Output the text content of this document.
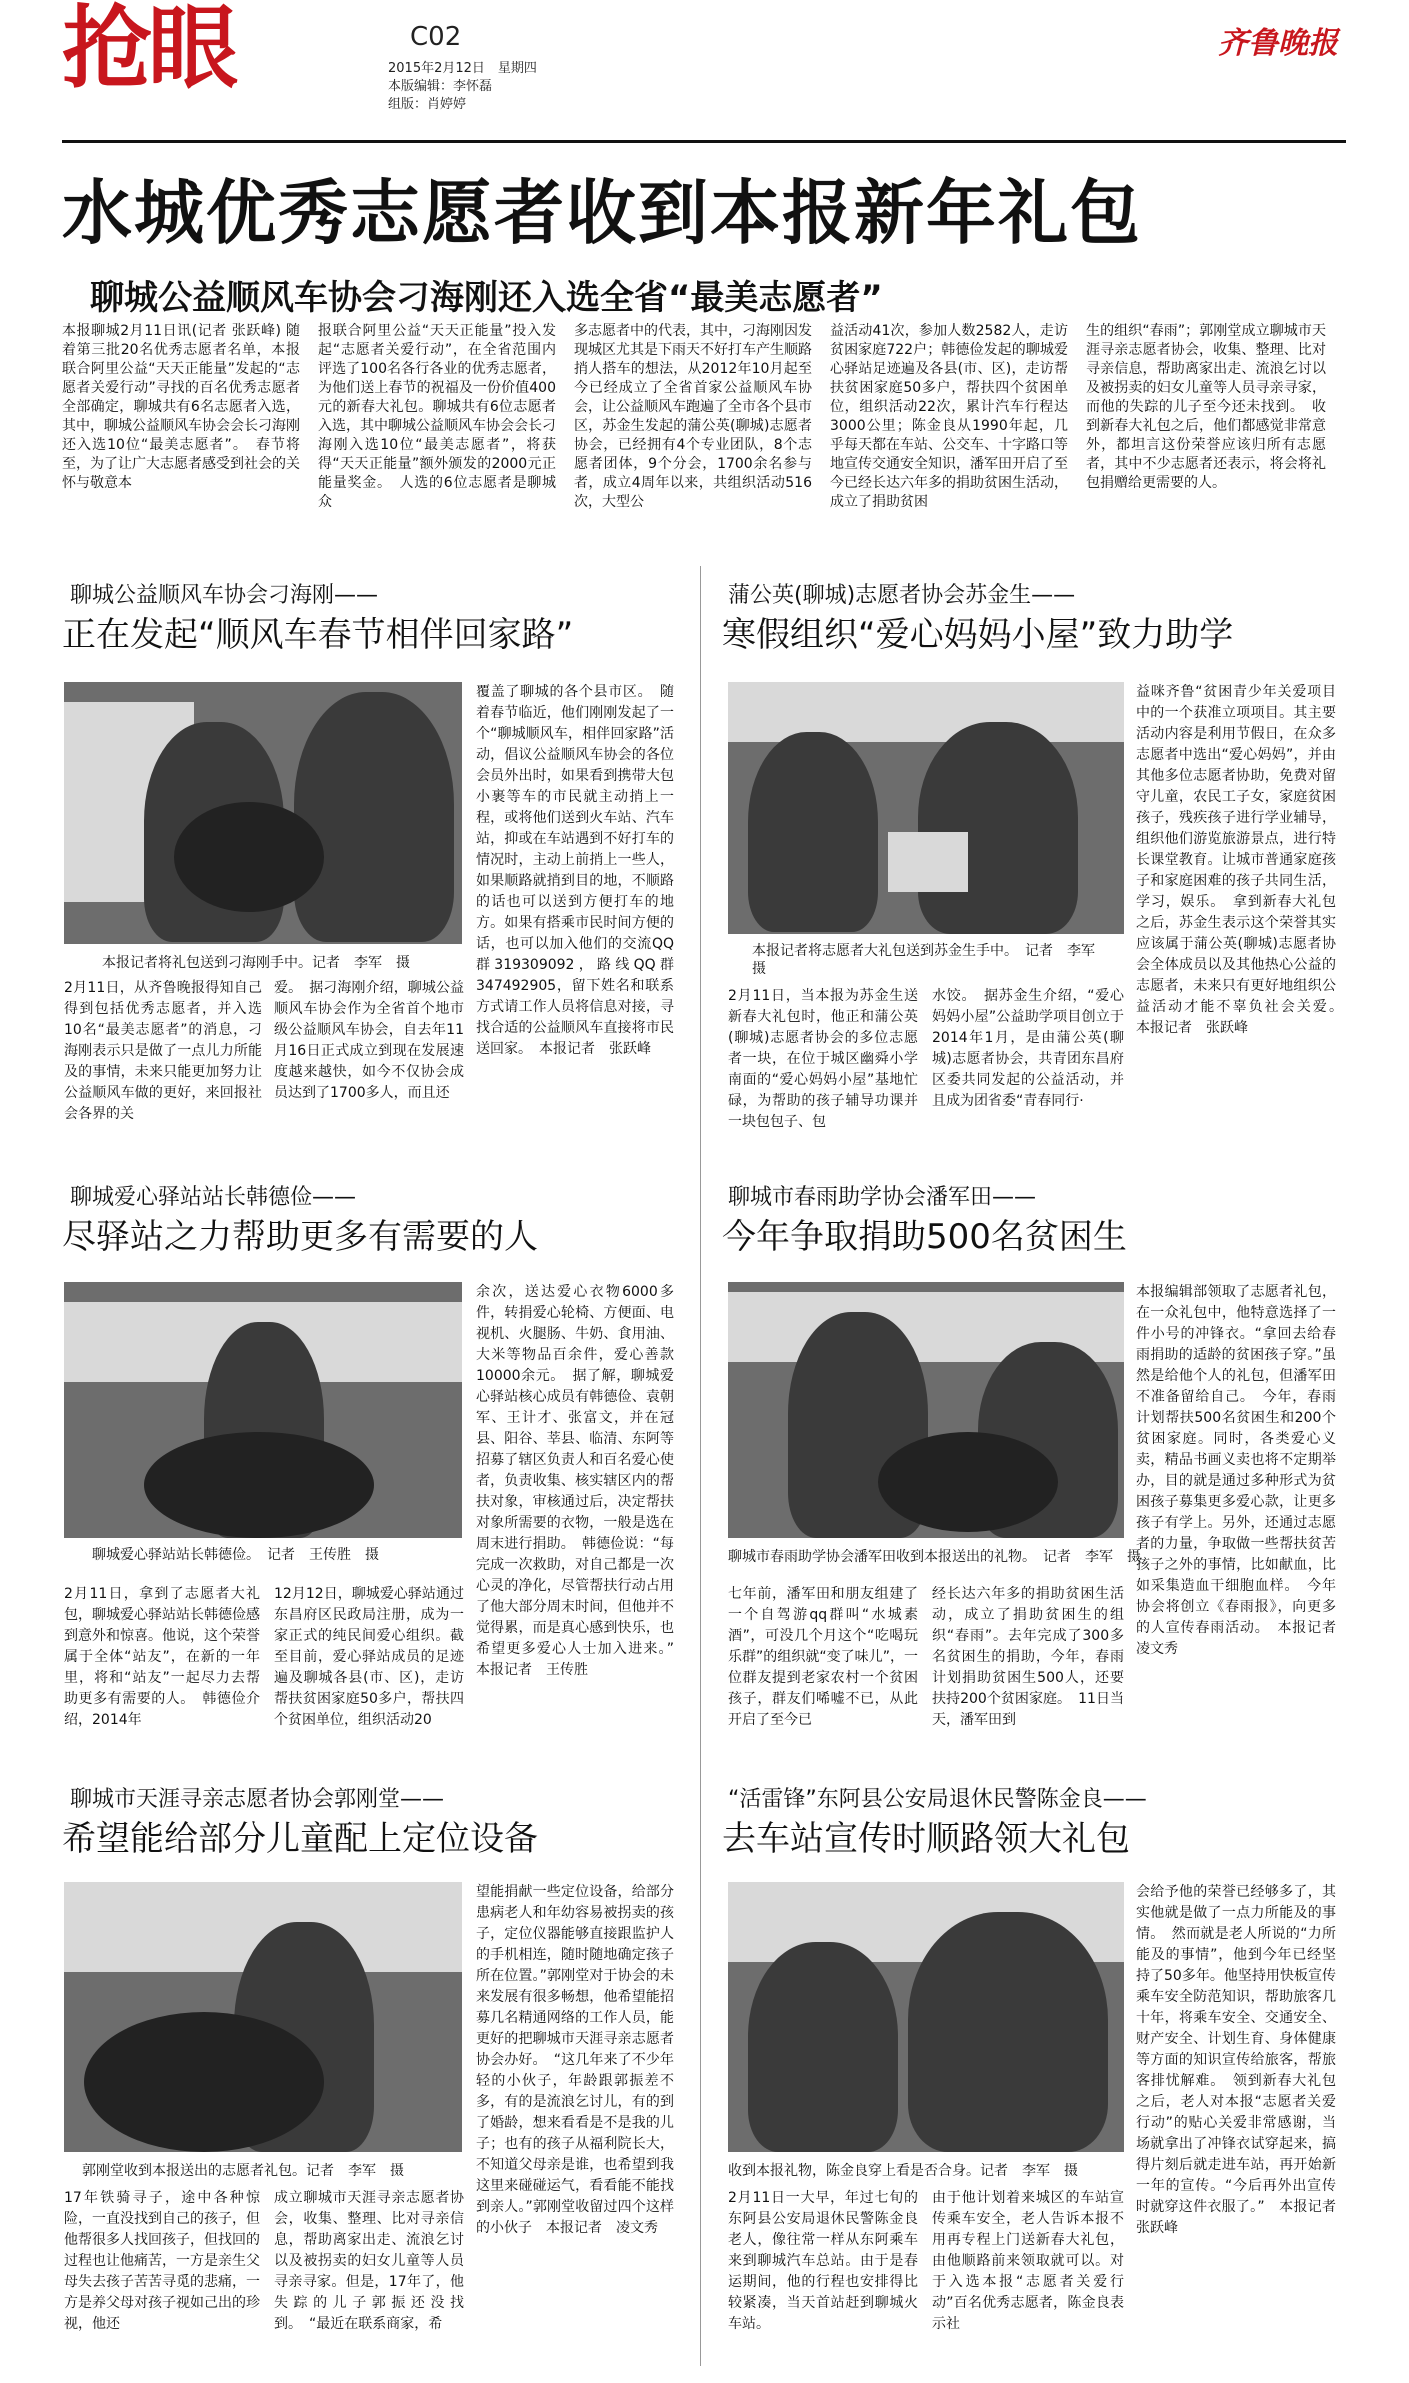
抢眼	C02
2015年2月12日　星期四
本版编辑：李怀磊
组版：肖婷婷
齐鲁晚报
水城优秀志愿者收到本报新年礼包
聊城公益顺风车协会刁海刚还入选全省“最美志愿者”
本报聊城2月11日讯(记者 张跃峰) 随着第三批20名优秀志愿者名单，本报联合阿里公益“天天正能量”发起的“志愿者关爱行动”寻找的百名优秀志愿者全部确定，聊城共有6名志愿者入选，其中，聊城公益顺风车协会会长刁海刚还入选10位“最美志愿者”。　春节将至，为了让广大志愿者感受到社会的关怀与敬意本
报联合阿里公益“天天正能量”投入发起“志愿者关爱行动”，在全省范围内评选了100名各行各业的优秀志愿者，为他们送上春节的祝福及一份价值400元的新春大礼包。聊城共有6位志愿者入选，其中聊城公益顺风车协会会长刁海刚入选10位“最美志愿者”，将获得“天天正能量”额外颁发的2000元正能量奖金。　人选的6位志愿者是聊城众
多志愿者中的代表，其中，刁海刚因发现城区尤其是下雨天不好打车产生顺路捎人搭车的想法，从2012年10月起至今已经成立了全省首家公益顺风车协会，让公益顺风车跑遍了全市各个县市区，苏金生发起的蒲公英(聊城)志愿者协会，已经拥有4个专业团队，8个志愿者团体，9个分会，1700余名参与者，成立4周年以来，共组织活动516次，大型公
益活动41次，参加人数2582人，走访贫困家庭722户；韩德俭发起的聊城爱心驿站足迹遍及各县(市、区)，走访帮扶贫困家庭50多户，帮扶四个贫困单位，组织活动22次，累计汽车行程达3000公里；陈金良从1990年起，几乎每天都在车站、公交车、十字路口等地宣传交通安全知识，潘军田开启了至今已经长达六年多的捐助贫困生活动，成立了捐助贫困
生的组织“春雨”；郭刚堂成立聊城市天涯寻亲志愿者协会，收集、整理、比对寻亲信息，帮助离家出走、流浪乞讨以及被拐卖的妇女儿童等人员寻亲寻家，而他的失踪的儿子至今还未找到。　收到新春大礼包之后，他们都感觉非常意外，都坦言这份荣誉应该归所有志愿者，其中不少志愿者还表示，将会将礼包捐赠给更需要的人。
聊城公益顺风车协会刁海刚——
正在发起“顺风车春节相伴回家路”
本报记者将礼包送到刁海刚手中。记者　李军　摄
覆盖了聊城的各个县市区。　随着春节临近，他们刚刚发起了一个“聊城顺风车，相伴回家路”活动，倡议公益顺风车协会的各位会员外出时，如果看到携带大包小裹等车的市民就主动捎上一程，或将他们送到火车站、汽车站，抑或在车站遇到不好打车的情况时，主动上前捎上一些人，如果顺路就捎到目的地，不顺路的话也可以送到方便打车的地方。如果有搭乘市民时间方便的话，也可以加入他们的交流QQ群319309092，路线QQ群347492905，留下姓名和联系方式请工作人员将信息对接，寻找合适的公益顺风车直接将市民送回家。　本报记者　张跃峰
2月11日，从齐鲁晚报得知自己得到包括优秀志愿者，并入选10名“最美志愿者”的消息，刁海刚表示只是做了一点儿力所能及的事情，未来只能更加努力让公益顺风车做的更好，来回报社会各界的关
爱。　据刁海刚介绍，聊城公益顺风车协会作为全省首个地市级公益顺风车协会，自去年11月16日正式成立到现在发展速度越来越快，如今不仅协会成员达到了1700多人，而且还
蒲公英(聊城)志愿者协会苏金生——
寒假组织“爱心妈妈小屋”致力助学
本报记者将志愿者大礼包送到苏金生手中。　记者　李军　摄
益咪齐鲁“贫困青少年关爱项目中的一个获准立项项目。其主要活动内容是利用节假日，在众多志愿者中选出“爱心妈妈”，并由其他多位志愿者协助，免费对留守儿童，农民工子女，家庭贫困孩子，残疾孩子进行学业辅导，组织他们游览旅游景点，进行特长课堂教育。让城市普通家庭孩子和家庭困难的孩子共同生活，学习，娱乐。　拿到新春大礼包之后，苏金生表示这个荣誉其实应该属于蒲公英(聊城)志愿者协会全体成员以及其他热心公益的志愿者，未来只有更好地组织公益活动才能不辜负社会关爱。　本报记者　张跃峰
2月11日，当本报为苏金生送新春大礼包时，他正和蒲公英(聊城)志愿者协会的多位志愿者一块，在位于城区幽舜小学南面的“爱心妈妈小屋”基地忙碌，为帮助的孩子辅导功课并一块包包子、包
水饺。　据苏金生介绍，“爱心妈妈小屋”公益助学项目创立于2014年1月，是由蒲公英(聊城)志愿者协会，共青团东昌府区委共同发起的公益活动，并且成为团省委“青春同行·
聊城爱心驿站站长韩德俭——
尽驿站之力帮助更多有需要的人
聊城爱心驿站站长韩德俭。　记者　王传胜　摄
余次，送达爱心衣物6000多件，转捐爱心轮椅、方便面、电视机、火腿肠、牛奶、食用油、大米等物品百余件，爱心善款10000余元。　据了解，聊城爱心驿站核心成员有韩德俭、袁朝军、王计才、张富文，并在冠县、阳谷、莘县、临清、东阿等招募了辖区负责人和百名爱心使者，负责收集、核实辖区内的帮扶对象，审核通过后，决定帮扶对象所需要的衣物，一般是选在周末进行捐助。　韩德俭说：“每完成一次救助，对自己都是一次心灵的净化，尽管帮扶行动占用了他大部分周末时间，但他并不觉得累，而是真心感到快乐，也希望更多爱心人士加入进来。”　本报记者　王传胜
2月11日，拿到了志愿者大礼包，聊城爱心驿站站长韩德俭感到意外和惊喜。他说，这个荣誉属于全体“站友”，在新的一年里，将和“站友”一起尽力去帮助更多有需要的人。　韩德俭介绍，2014年
12月12日，聊城爱心驿站通过东昌府区民政局注册，成为一家正式的纯民间爱心组织。截至目前，爱心驿站成员的足迹遍及聊城各县(市、区)，走访帮扶贫困家庭50多户，帮扶四个贫困单位，组织活动20
聊城市春雨助学协会潘军田——
今年争取捐助500名贫困生
聊城市春雨助学协会潘军田收到本报送出的礼物。　记者　李军　摄
本报编辑部领取了志愿者礼包，在一众礼包中，他特意选择了一件小号的冲锋衣。“拿回去给春雨捐助的适龄的贫困孩子穿。”虽然是给他个人的礼包，但潘军田不准备留给自己。　今年，春雨计划帮扶500名贫困生和200个贫困家庭。同时，各类爱心义卖，精品书画义卖也将不定期举办，目的就是通过多种形式为贫困孩子募集更多爱心款，让更多孩子有学上。另外，还通过志愿者的力量，争取做一些帮扶贫苦孩子之外的事情，比如献血，比如采集造血干细胞血样。　今年协会将创立《春雨报》，向更多的人宣传春雨活动。　本报记者　凌文秀
七年前，潘军田和朋友组建了一个自驾游qq群叫“水城素酒”，可没几个月这个“吃喝玩乐群”的组织就“变了味儿”，一位群友提到老家农村一个贫困孩子，群友们唏嘘不已，从此开启了至今已
经长达六年多的捐助贫困生活动，成立了捐助贫困生的组织“春雨”。去年完成了300多名贫困生的捐助，今年，春雨计划捐助贫困生500人，还要扶持200个贫困家庭。　11日当天，潘军田到
聊城市天涯寻亲志愿者协会郭刚堂——
希望能给部分儿童配上定位设备
郭刚堂收到本报送出的志愿者礼包。记者　李军　摄
望能捐献一些定位设备，给部分患病老人和年幼容易被拐卖的孩子，定位仪器能够直接跟监护人的手机相连，随时随地确定孩子所在位置。”郭刚堂对于协会的未来发展有很多畅想，他希望能招募几名精通网络的工作人员，能更好的把聊城市天涯寻亲志愿者协会办好。　“这几年来了不少年轻的小伙子，年龄跟郭振差不多，有的是流浪乞讨儿，有的到了婚龄，想来看看是不是我的儿子；也有的孩子从福利院长大，不知道父母亲是谁，也希望到我这里来碰碰运气，看看能不能找到亲人。”郭刚堂收留过四个这样的小伙子　本报记者　凌文秀
17年铁骑寻子，途中各种惊险，一直没找到自己的孩子，但他帮很多人找回孩子，但找回的过程也让他痛苦，一方是亲生父母失去孩子苦苦寻觅的悲痛，一方是养父母对孩子视如己出的珍视，他还
成立聊城市天涯寻亲志愿者协会，收集、整理、比对寻亲信息，帮助离家出走、流浪乞讨以及被拐卖的妇女儿童等人员寻亲寻家。但是，17年了，他失踪的儿子郭振还没找到。　“最近在联系商家，希
“活雷锋”东阿县公安局退休民警陈金良——
去车站宣传时顺路领大礼包
收到本报礼物，陈金良穿上看是否合身。记者　李军　摄
会给予他的荣誉已经够多了，其实他就是做了一点力所能及的事情。　然而就是老人所说的“力所能及的事情”，他到今年已经坚持了50多年。他坚持用快板宣传乘车安全防范知识，帮助旅客几十年，将乘车安全、交通安全、财产安全、计划生育、身体健康等方面的知识宣传给旅客，帮旅客排忧解难。　领到新春大礼包之后，老人对本报“志愿者关爱行动”的贴心关爱非常感谢，当场就拿出了冲锋衣试穿起来，搞得片刻后就走进车站，再开始新一年的宣传。“今后再外出宣传时就穿这件衣服了。”　本报记者　张跃峰
2月11日一大早，年过七旬的东阿县公安局退休民警陈金良老人，像往常一样从东阿乘车来到聊城汽车总站。由于是春运期间，他的行程也安排得比较紧凑，当天首站赶到聊城火车站。
由于他计划着来城区的车站宣传乘车安全，老人告诉本报不用再专程上门送新春大礼包，由他顺路前来领取就可以。对于入选本报“志愿者关爱行动”百名优秀志愿者，陈金良表示社
